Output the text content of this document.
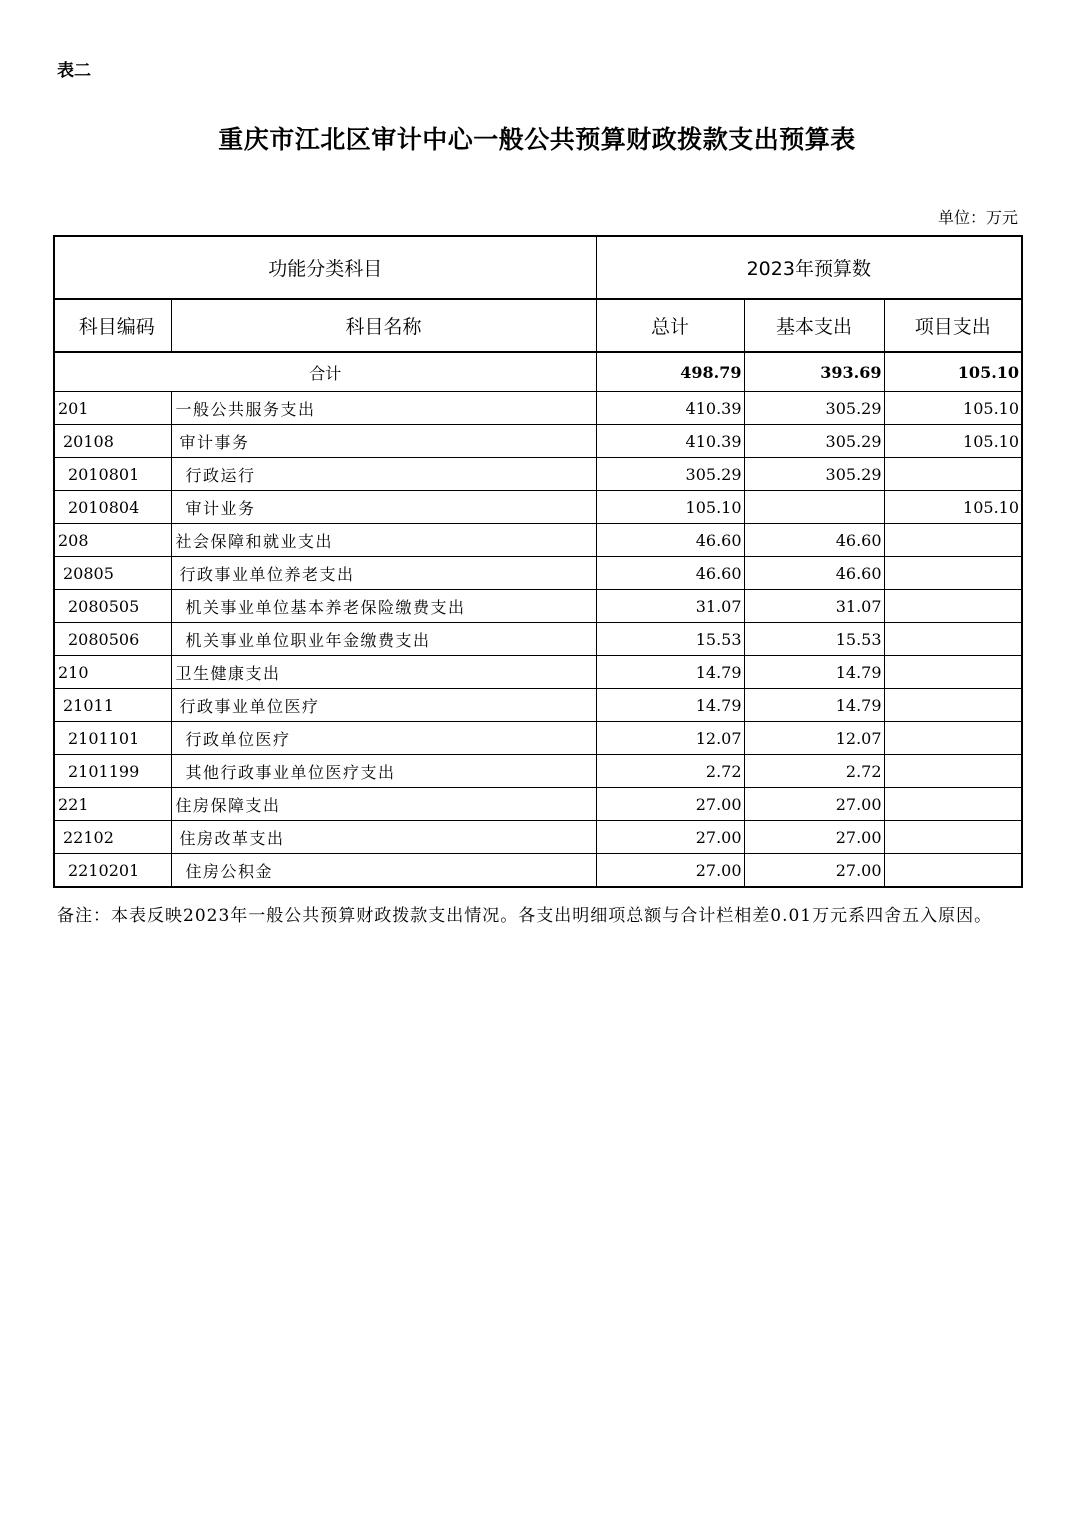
表二
重庆市江北区审计中心一般公共预算财政拨款支出预算表
单位：万元
功能分类科目		2023年预算数		
科目编码	科目名称	总计	基本支出	项目支出
合计		498.79	393.69	105.10
201	一般公共服务支出	410.39	305.29	105.10
20108	审计事务	410.39	305.29	105.10
2010801	行政运行	305.29	305.29	
2010804	审计业务	105.10		105.10
208	社会保障和就业支出	46.60	46.60	
20805	行政事业单位养老支出	46.60	46.60	
2080505	机关事业单位基本养老保险缴费支出	31.07	31.07	
2080506	机关事业单位职业年金缴费支出	15.53	15.53	
210	卫生健康支出	14.79	14.79	
21011	行政事业单位医疗	14.79	14.79	
2101101	行政单位医疗	12.07	12.07	
2101199	其他行政事业单位医疗支出	2.72	2.72	
221	住房保障支出	27.00	27.00	
22102	住房改革支出	27.00	27.00	
2210201	住房公积金	27.00	27.00	
备注：本表反映2023年一般公共预算财政拨款支出情况。各支出明细项总额与合计栏相差0.01万元系四舍五入原因。
